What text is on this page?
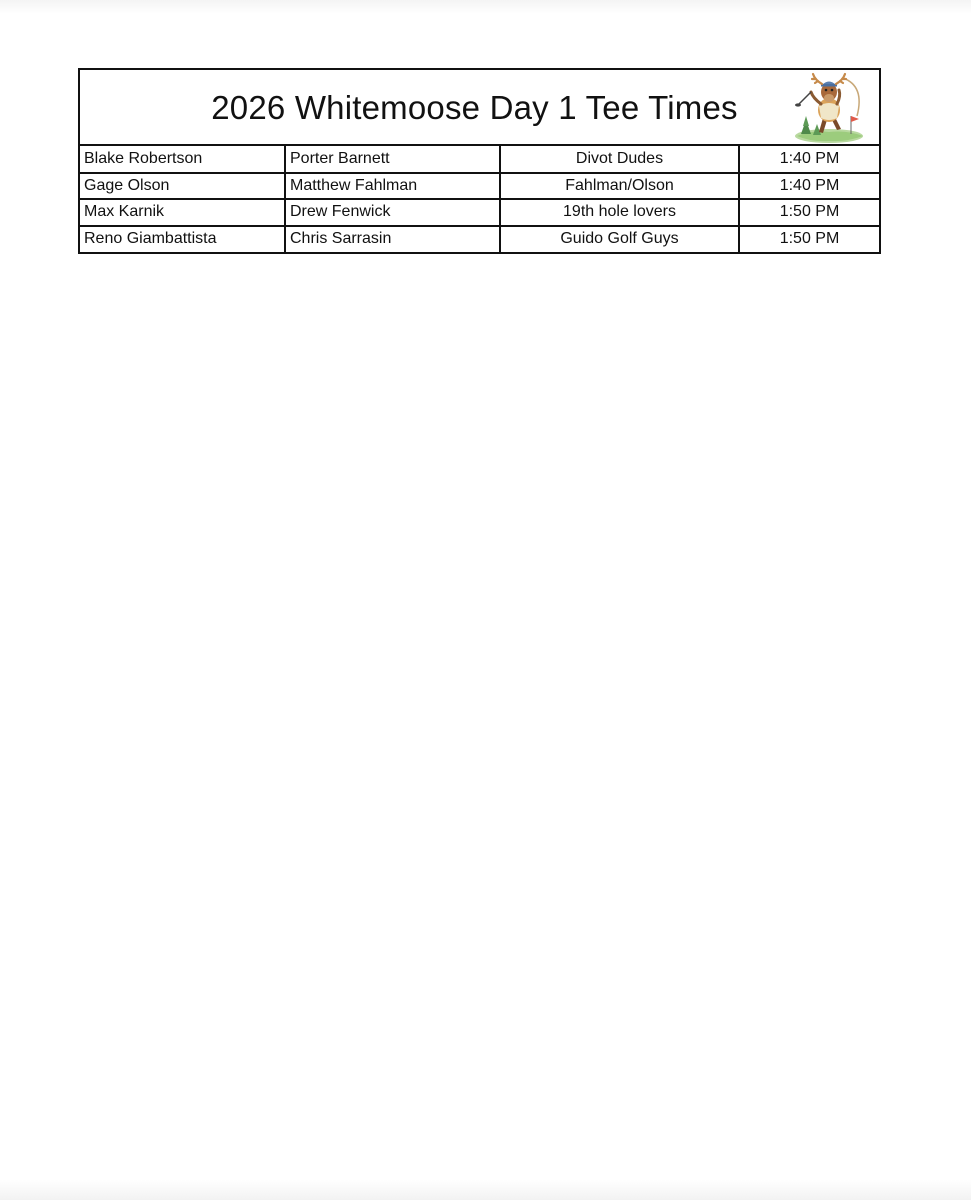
2026 Whitemoose Day 1 Tee Times
Blake Robertson	Porter Barnett	Divot Dudes	1:40 PM
Gage Olson	Matthew Fahlman	Fahlman/Olson	1:40 PM
Max Karnik	Drew Fenwick	19th hole lovers	1:50 PM
Reno Giambattista	Chris Sarrasin	Guido Golf Guys	1:50 PM
